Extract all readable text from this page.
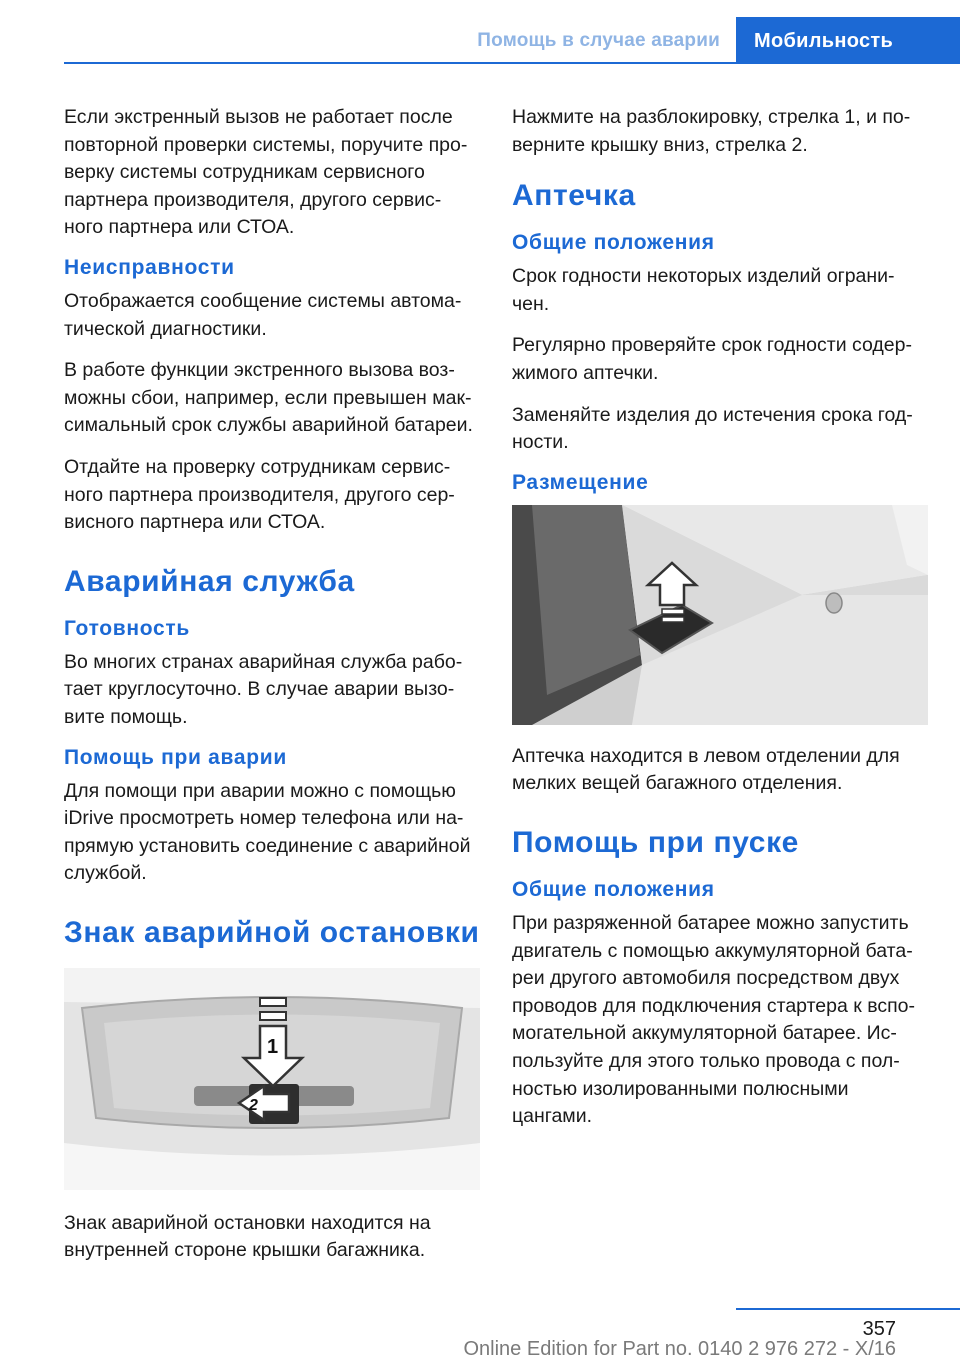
Помощь в случае аварии	Мобильность

Если экстренный вызов не работает после повторной проверки системы, поручите про-верку системы сотрудникам сервисного партнера производителя, другого сервис-ного партнера или СТОА.

Неисправности

Отображается сообщение системы автома-тической диагностики.

В работе функции экстренного вызова воз-можны сбои, например, если превышен мак-симальный срок службы аварийной батареи.

Отдайте на проверку сотрудникам сервис-ного партнера производителя, другого сер-висного партнера или СТОА.

Аварийная служба
Готовность

Во многих странах аварийная служба рабо-тает круглосуточно. В случае аварии вызо-вите помощь.

Помощь при аварии

Для помощи при аварии можно с помощью iDrive просмотреть номер телефона или на-прямую установить соединение с аварийной службой.

Знак аварийной остановки
1
2

Знак аварийной остановки находится на внутренней стороне крышки багажника.

Нажмите на разблокировку, стрелка 1, и по-верните крышку вниз, стрелка 2.

Аптечка
Общие положения

Срок годности некоторых изделий ограни-чен.

Регулярно проверяйте срок годности содер-жимого аптечки.

Заменяйте изделия до истечения срока год-ности.

Размещение

Аптечка находится в левом отделении для мелких вещей багажного отделения.

Помощь при пуске
Общие положения

При разряженной батарее можно запустить двигатель с помощью аккумуляторной бата-реи другого автомобиля посредством двух проводов для подключения стартера к вспо-могательной аккумуляторной батарее. Ис-пользуйте для этого только провода с пол-ностью изолированными полюсными цангами.

357
Online Edition for Part no. 0140 2 976 272 - X/16
